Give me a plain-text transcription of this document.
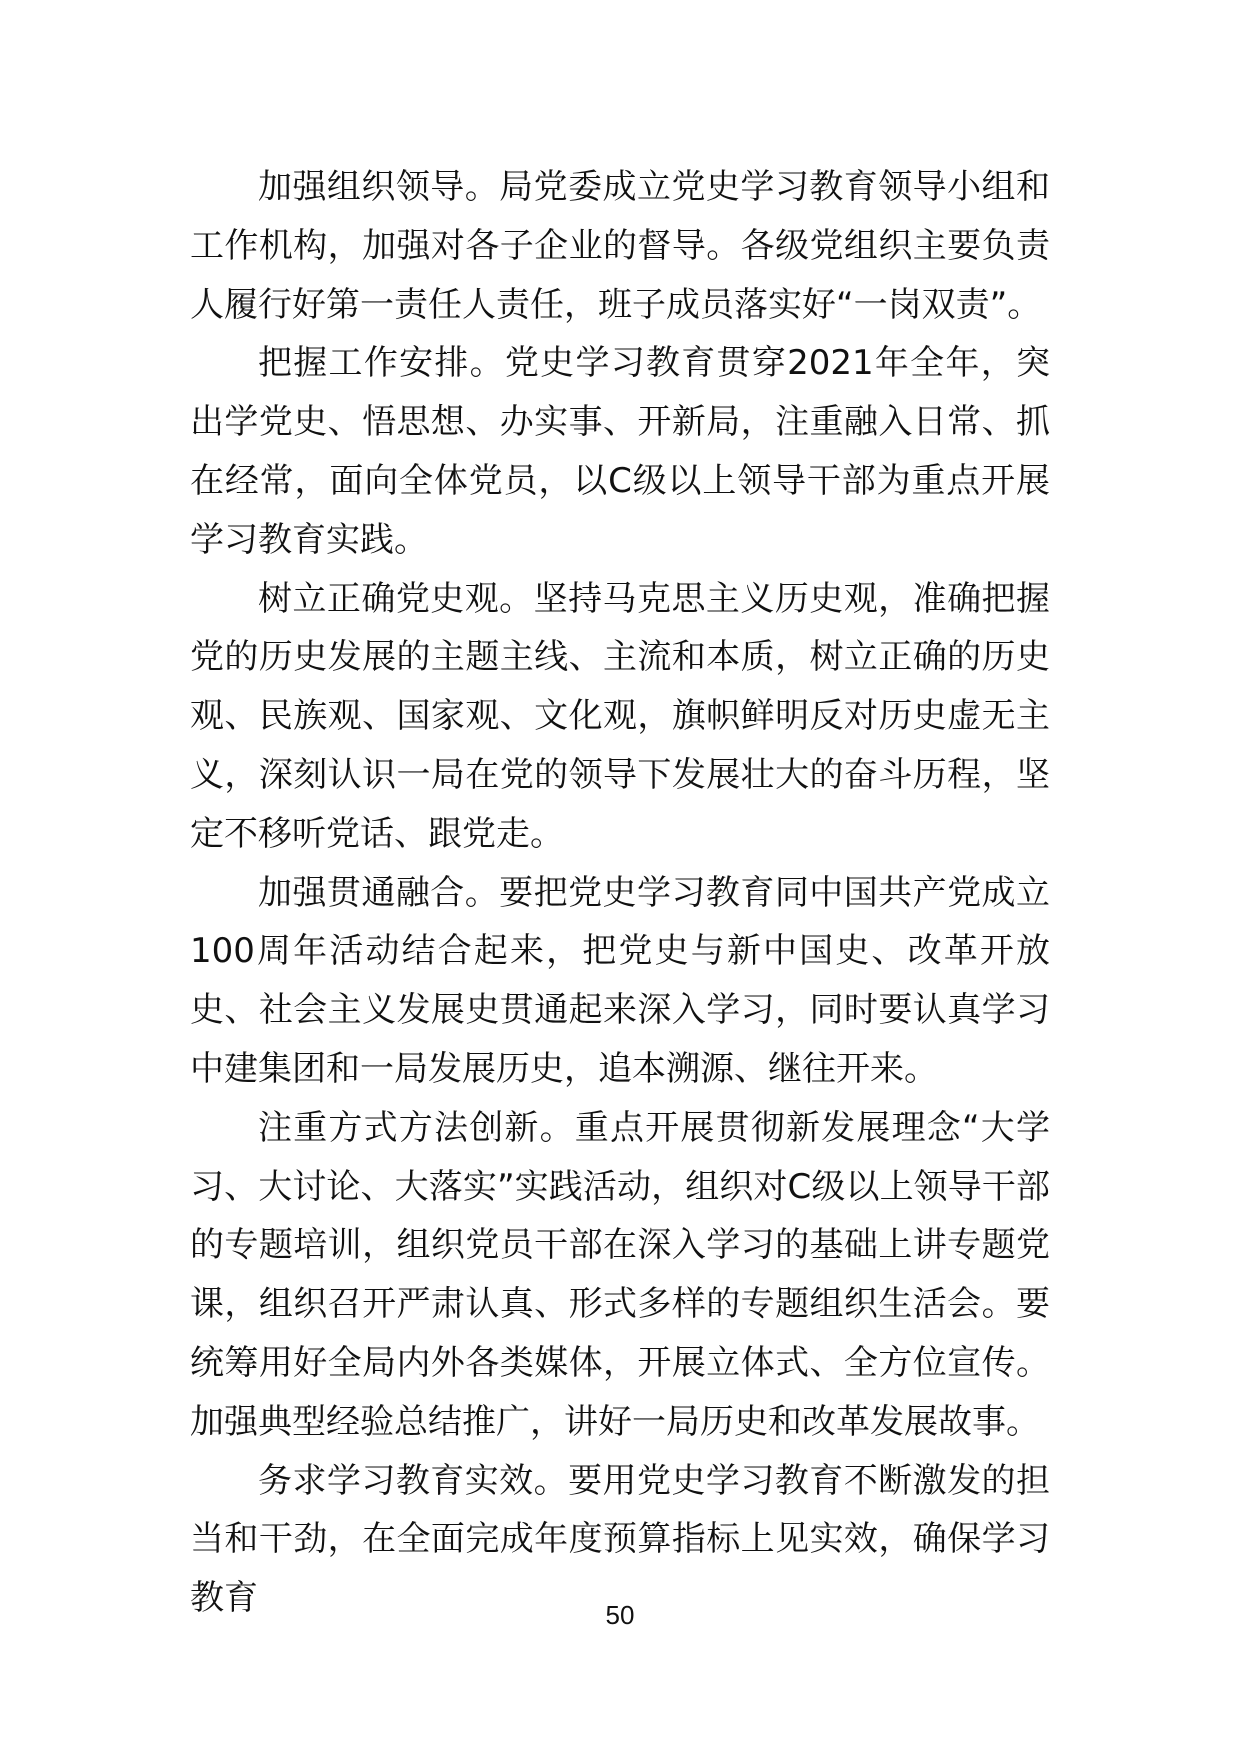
加强组织领导。局党委成立党史学习教育领导小组和工作机构，加强对各子企业的督导。各级党组织主要负责人履行好第一责任人责任，班子成员落实好“一岗双责”。

把握工作安排。党史学习教育贯穿2021年全年，突出学党史、悟思想、办实事、开新局，注重融入日常、抓在经常，面向全体党员，以C级以上领导干部为重点开展学习教育实践。

树立正确党史观。坚持马克思主义历史观，准确把握党的历史发展的主题主线、主流和本质，树立正确的历史观、民族观、国家观、文化观，旗帜鲜明反对历史虚无主义，深刻认识一局在党的领导下发展壮大的奋斗历程，坚定不移听党话、跟党走。

加强贯通融合。要把党史学习教育同中国共产党成立100周年活动结合起来，把党史与新中国史、改革开放史、社会主义发展史贯通起来深入学习，同时要认真学习中建集团和一局发展历史，追本溯源、继往开来。

注重方式方法创新。重点开展贯彻新发展理念“大学习、大讨论、大落实”实践活动，组织对C级以上领导干部的专题培训，组织党员干部在深入学习的基础上讲专题党课，组织召开严肃认真、形式多样的专题组织生活会。要统筹用好全局内外各类媒体，开展立体式、全方位宣传。加强典型经验总结推广，讲好一局历史和改革发展故事。

务求学习教育实效。要用党史学习教育不断激发的担当和干劲，在全面完成年度预算指标上见实效，确保学习教育	50
